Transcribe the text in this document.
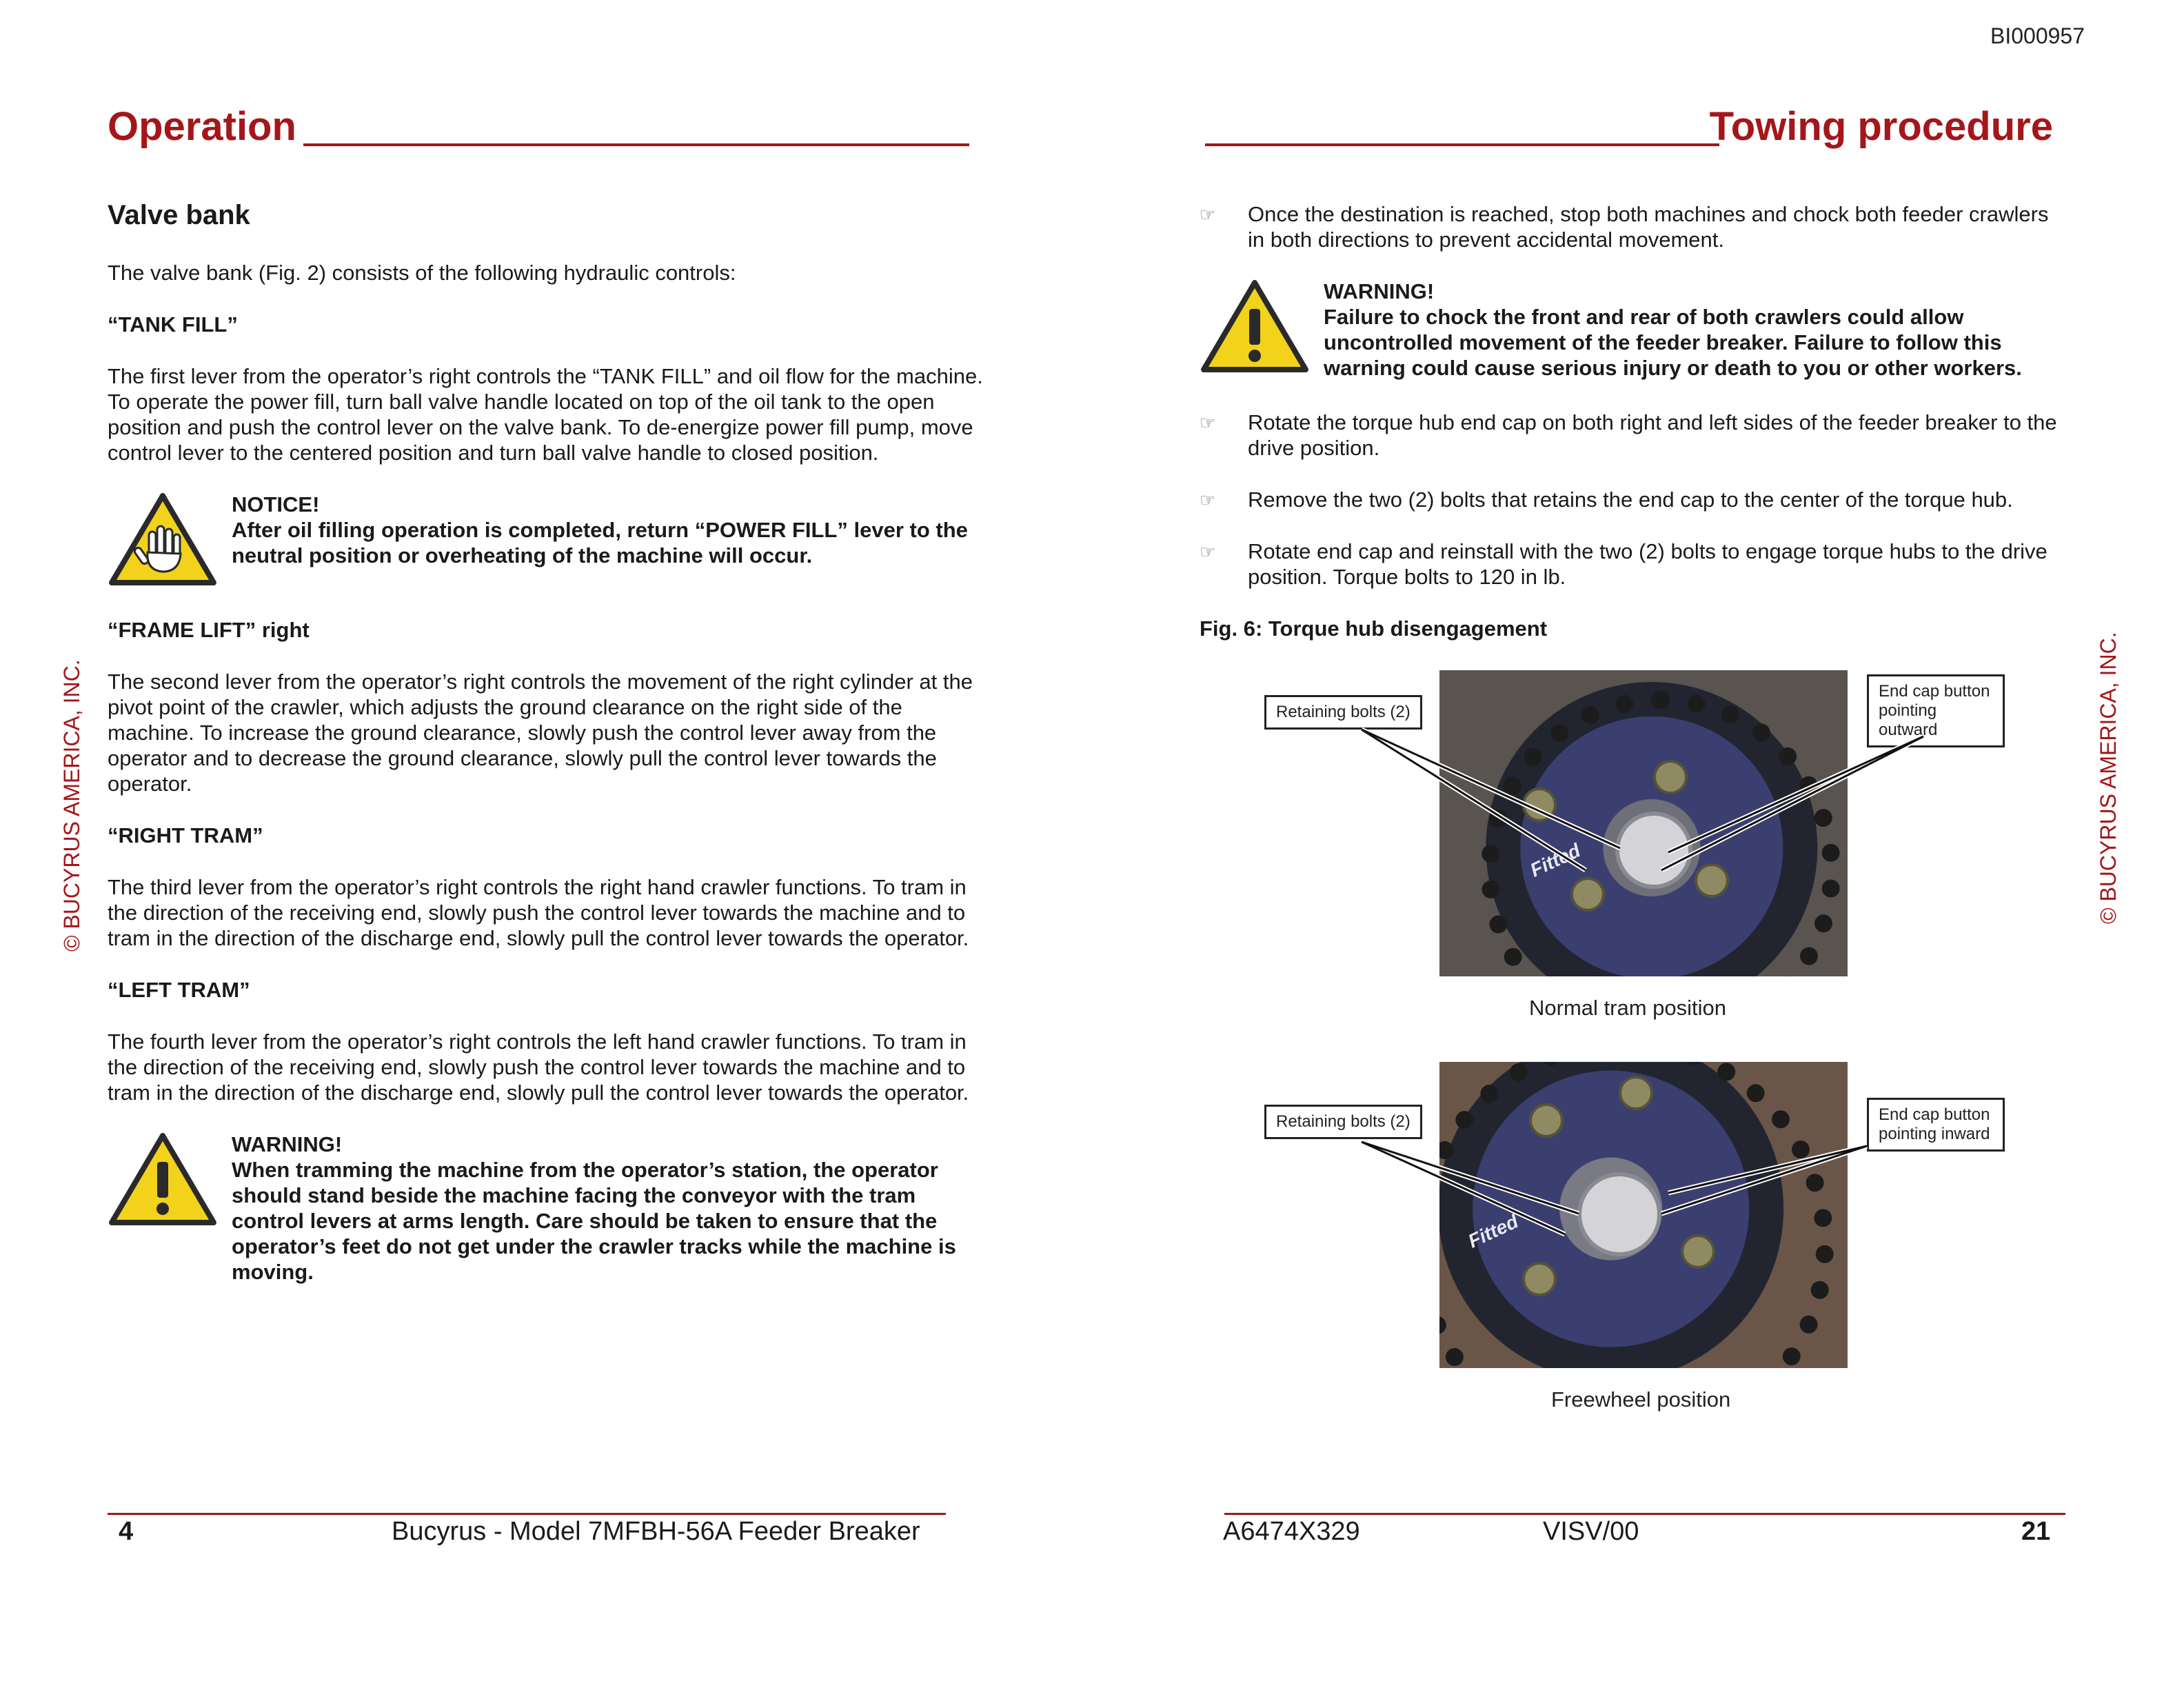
BI000957
Operation	Towing procedure
© BUCYRUS AMERICA, INC.	© BUCYRUS AMERICA, INC.
Valve bank

The valve bank (Fig. 2) consists of the following hydraulic controls:

“TANK FILL”

The first lever from the operator’s right controls the “TANK FILL” and oil flow for the machine. To operate the power fill, turn ball valve handle located on top of the oil tank to the open position and push the control lever on the valve bank. To de-energize power fill pump, move control lever to the centered position and turn ball valve handle to closed position.

NOTICE!
After oil filling operation is completed, return “POWER FILL” lever to the neutral position or overheating of the machine will occur.

“FRAME LIFT” right

The second lever from the operator’s right controls the movement of the right cylinder at the pivot point of the crawler, which adjusts the ground clearance on the right side of the machine. To increase the ground clearance, slowly push the control lever away from the operator and to decrease the ground clearance, slowly pull the control lever towards the operator.

“RIGHT TRAM”

The third lever from the operator’s right controls the right hand crawler functions. To tram in the direction of the receiving end, slowly push the control lever towards the machine and to tram in the direction of the discharge end, slowly pull the control lever towards the operator.

“LEFT TRAM”

The fourth lever from the operator’s right controls the left hand crawler functions. To tram in the direction of the receiving end, slowly push the control lever towards the machine and to tram in the direction of the discharge end, slowly pull the control lever towards the operator.

WARNING!
When tramming the machine from the operator’s station, the operator should stand beside the machine facing the conveyor with the tram control levers at arms length. Care should be taken to ensure that the operator’s feet do not get under the crawler tracks while the machine is moving.
☞ Once the destination is reached, stop both machines and chock both feeder crawlers in both directions to prevent accidental movement.

WARNING!
Failure to chock the front and rear of both crawlers could allow uncontrolled movement of the feeder breaker. Failure to follow this warning could cause serious injury or death to you or other workers.
☞ Rotate the torque hub end cap on both right and left sides of the feeder breaker to the drive position.

☞ Remove the two (2) bolts that retains the end cap to the center of the torque hub.

☞ Rotate end cap and reinstall with the two (2) bolts to engage torque hubs to the drive position. Torque bolts to 120 in lb.

Fig. 6: Torque hub disengagement

Fitted
Retaining bolts (2)
End cap button pointing outward
Normal tram position
Fitted
Retaining bolts (2)	End cap button pointing inward
Freewheel position
4	Bucyrus - Model 7MFBH-56A Feeder Breaker	A6474X329	VISV/00	21
